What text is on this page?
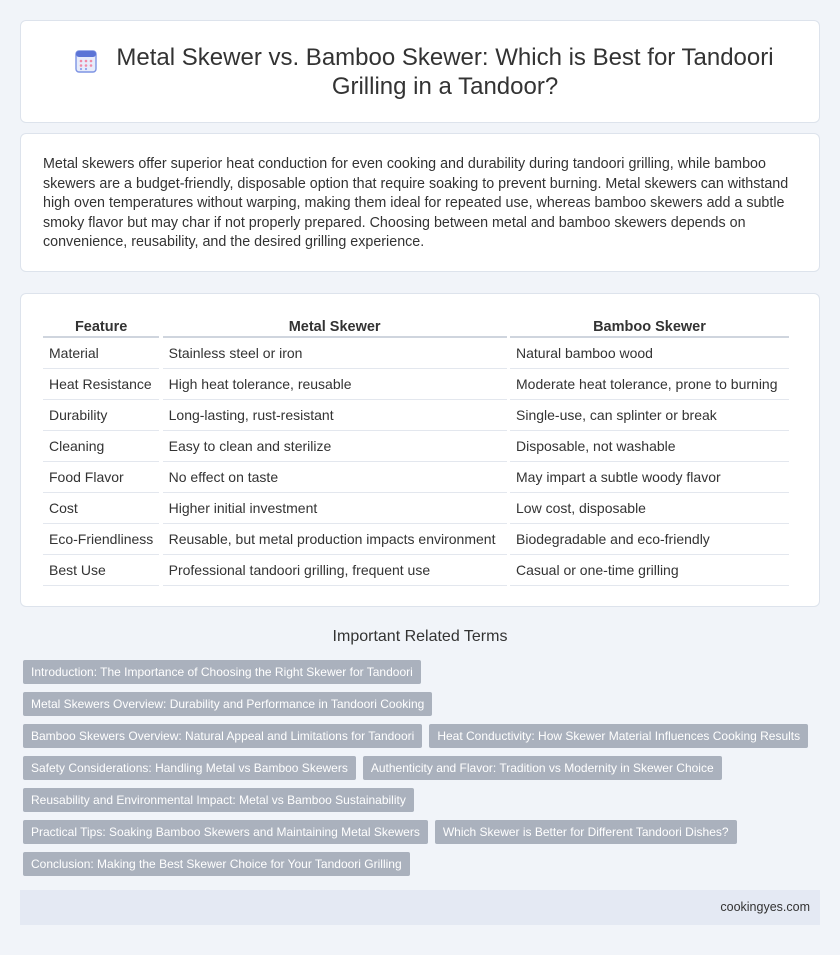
Metal Skewer vs. Bamboo Skewer: Which is Best for Tandoori Grilling in a Tandoor?

Metal skewers offer superior heat conduction for even cooking and durability during tandoori grilling, while bamboo skewers are a budget-friendly, disposable option that require soaking to prevent burning. Metal skewers can withstand high oven temperatures without warping, making them ideal for repeated use, whereas bamboo skewers add a subtle smoky flavor but may char if not properly prepared. Choosing between metal and bamboo skewers depends on convenience, reusability, and the desired grilling experience.

Feature		Metal Skewer		Bamboo Skewer
Material		Stainless steel or iron		Natural bamboo wood
Heat Resistance		High heat tolerance, reusable		Moderate heat tolerance, prone to burning
Durability		Long-lasting, rust-resistant		Single-use, can splinter or break
Cleaning		Easy to clean and sterilize		Disposable, not washable
Food Flavor		No effect on taste		May impart a subtle woody flavor
Cost		Higher initial investment		Low cost, disposable
Eco-Friendliness		Reusable, but metal production impacts environment		Biodegradable and eco-friendly
Best Use		Professional tandoori grilling, frequent use		Casual or one-time grilling
Important Related Terms
Introduction: The Importance of Choosing the Right Skewer for Tandoori
Metal Skewers Overview: Durability and Performance in Tandoori Cooking
Bamboo Skewers Overview: Natural Appeal and Limitations for Tandoori	Heat Conductivity: How Skewer Material Influences Cooking Results
Safety Considerations: Handling Metal vs Bamboo Skewers	Authenticity and Flavor: Tradition vs Modernity in Skewer Choice
Reusability and Environmental Impact: Metal vs Bamboo Sustainability
Practical Tips: Soaking Bamboo Skewers and Maintaining Metal Skewers	Which Skewer is Better for Different Tandoori Dishes?
Conclusion: Making the Best Skewer Choice for Your Tandoori Grilling
cookingyes.com
